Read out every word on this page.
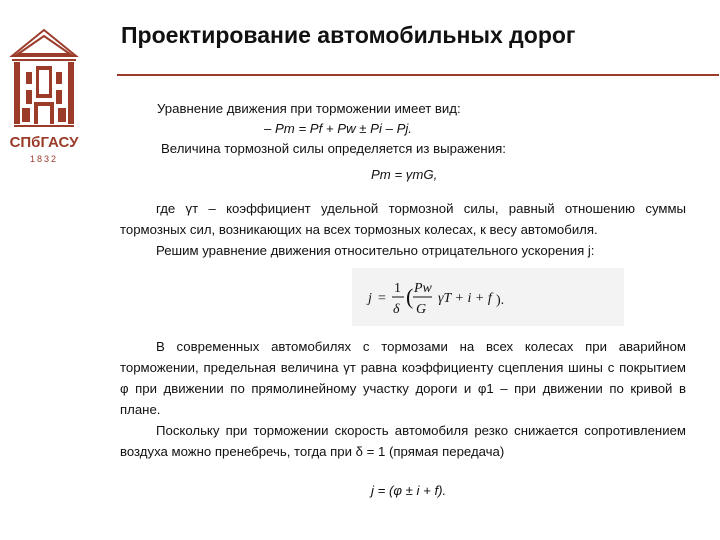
СПбГАСУ
1832
Проектирование автомобильных дорог
Уравнение движения при торможении имеет вид:
– Pт = Pf + Pw ± Pi – Pj.
Величина тормозной силы определяется из выражения:
Pт = γтG,

где γт – коэффициент удельной тормозной силы, равный отношению суммы тормозных сил, возникающих на всех тормозных колесах, к весу автомобиля.

Решим уравнение движения относительно отрицательного ускорения j:

j =
1
δ
( Pw
G
γT + i + f ).

В современных автомобилях с тормозами на всех колесах при аварийном торможении, предельная величина γт равна коэффициенту сцепления шины с покрытием φ при движении по прямолинейному участку дороги и φ1 – при движении по кривой в плане.

Поскольку при торможении скорость автомобиля резко снижается сопротивлением воздуха можно пренебречь, тогда при δ = 1 (прямая передача)

j = (φ ± i + f).
